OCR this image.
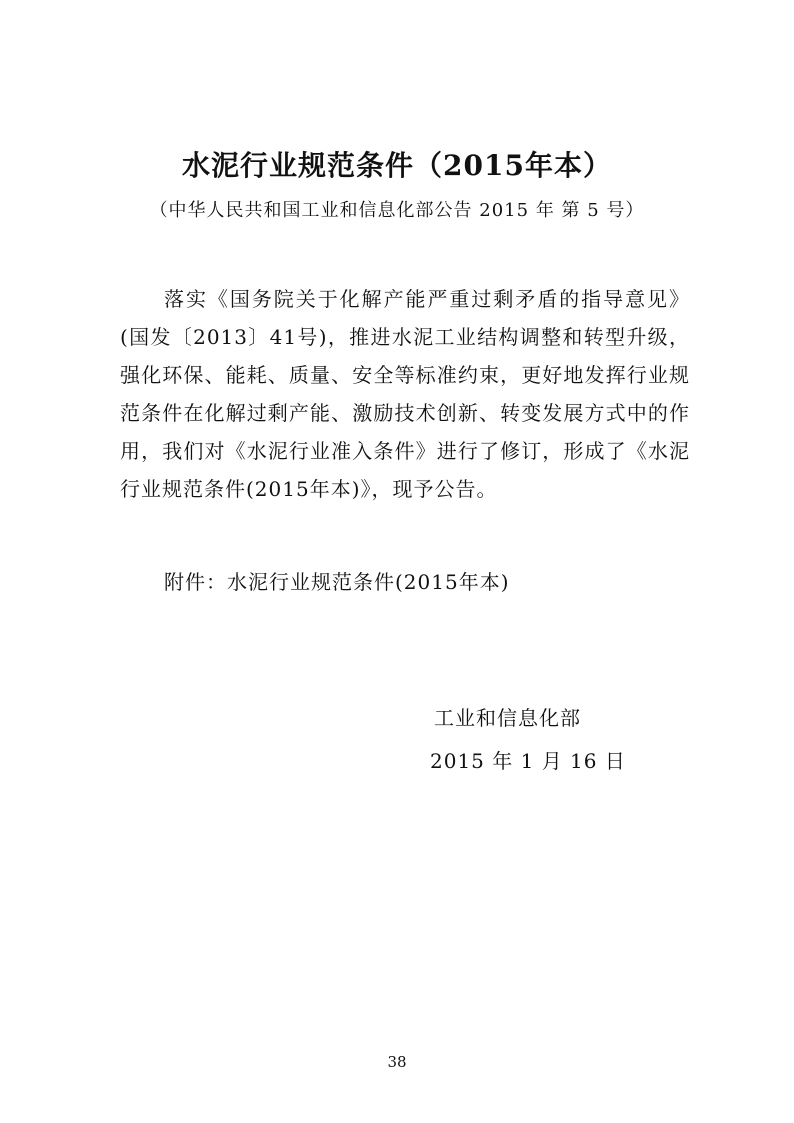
水泥行业规范条件（2015年本）

（中华人民共和国工业和信息化部公告 2015 年 第 5 号）

落实《国务院关于化解产能严重过剩矛盾的指导意见》(国发〔2013〕41号)，推进水泥工业结构调整和转型升级，强化环保、能耗、质量、安全等标准约束，更好地发挥行业规范条件在化解过剩产能、激励技术创新、转变发展方式中的作用，我们对《水泥行业准入条件》进行了修订，形成了《水泥行业规范条件(2015年本)》，现予公告。

附件：水泥行业规范条件(2015年本)

工业和信息化部

2015 年 1 月 16 日

38
